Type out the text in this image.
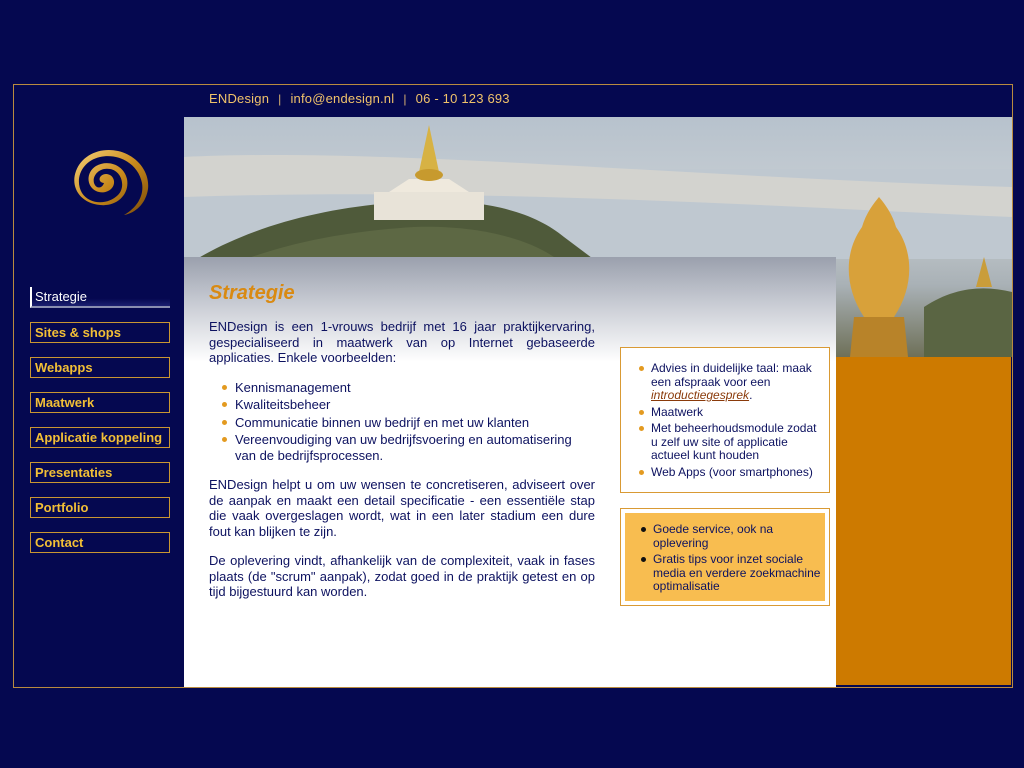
ENDesign | info@endesign.nl | 06 - 10 123 693
Strategie
Sites & shops
Webapps
Maatwerk
Applicatie koppeling
Presentaties
Portfolio
Contact
Strategie

ENDesign is een 1-vrouws bedrijf met 16 jaar praktijkervaring, gespecialiseerd in maatwerk van op Internet gebaseerde applicaties. Enkele voorbeelden:

Kennismanagement
Kwaliteitsbeheer
Communicatie binnen uw bedrijf en met uw klanten
Vereenvoudiging van uw bedrijfsvoering en automatisering van de bedrijfsprocessen.

ENDesign helpt u om uw wensen te concretiseren, adviseert over de aanpak en maakt een detail specificatie - een essentiële stap die vaak overgeslagen wordt, wat in een later stadium een dure fout kan blijken te zijn.

De oplevering vindt, afhankelijk van de complexiteit, vaak in fases plaats (de "scrum" aanpak), zodat goed in de praktijk getest en op tijd bijgestuurd kan worden.

Advies in duidelijke taal: maak een afspraak voor een introductiegesprek.
Maatwerk
Met beheerhoudsmodule zodat u zelf uw site of applicatie actueel kunt houden
Web Apps (voor smartphones)
Goede service, ook na oplevering
Gratis tips voor inzet sociale media en verdere zoekmachine optimalisatie
